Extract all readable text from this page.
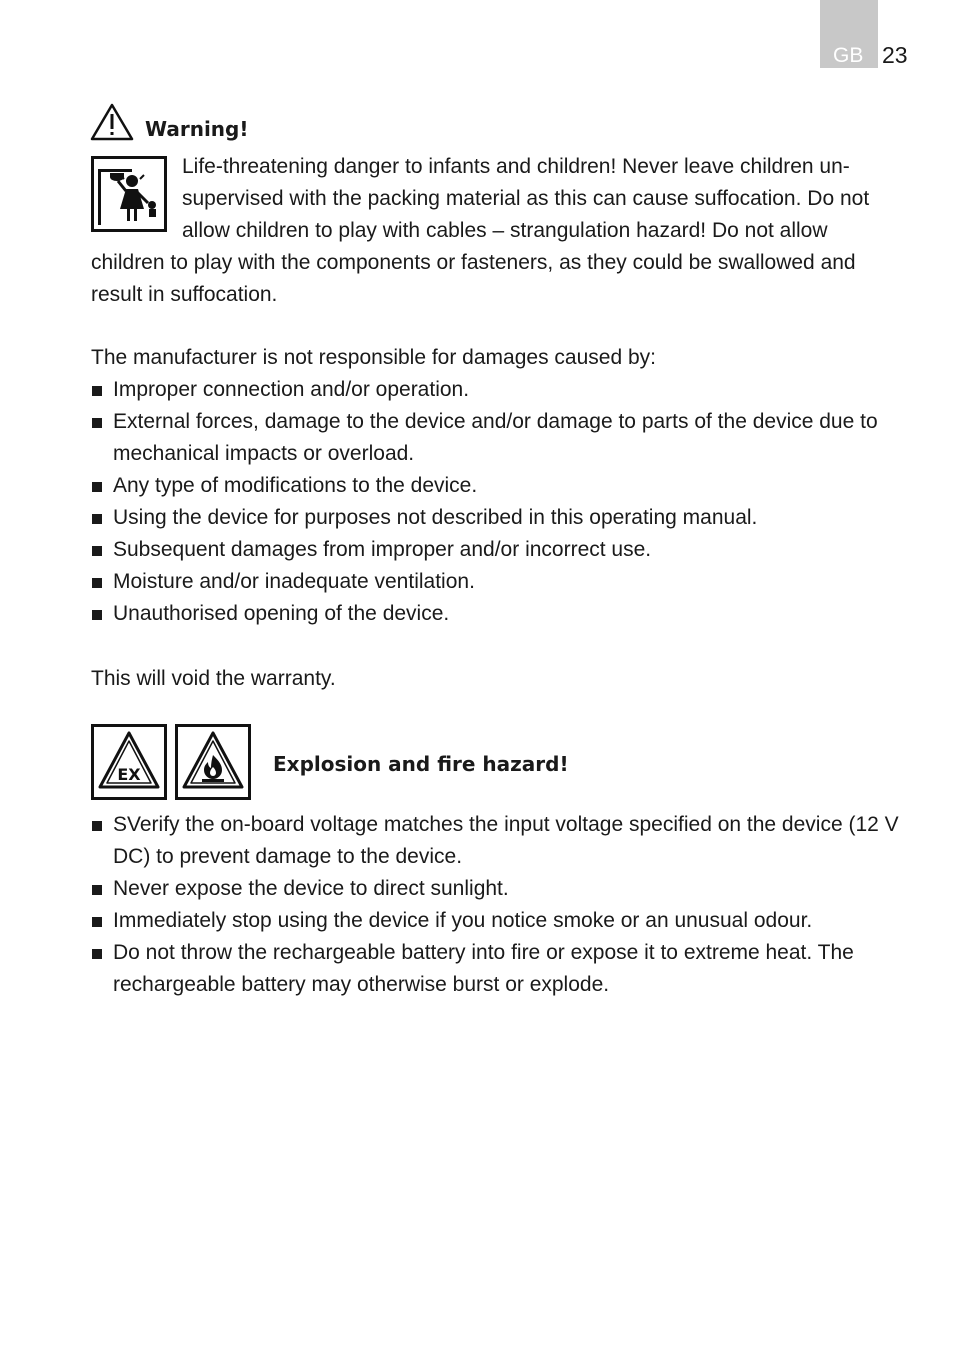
GB 23
Warning!

Life-threatening danger to infants and children! Never leave children un-supervised with the packing material as this can cause suffocation. Do not allow children to play with cables – strangulation hazard! Do not allow children to play with the components or fasteners, as they could be swallowed and result in suffocation.

The manufacturer is not responsible for damages caused by:

Improper connection and/or operation.
External forces, damage to the device and/or damage to parts of the device due to mechanical impacts or overload.
Any type of modifications to the device.
Using the device for purposes not described in this operating manual.
Subsequent damages from improper and/or incorrect use.
Moisture and/or inadequate ventilation.
Unauthorised opening of the device.

This will void the warranty.

EX	Explosion and fire hazard!
SVerify the on-board voltage matches the input voltage specified on the device (12 V DC) to prevent damage to the device.
Never expose the device to direct sunlight.
Immediately stop using the device if you notice smoke or an unusual odour.
Do not throw the rechargeable battery into fire or expose it to extreme heat. The rechargeable battery may otherwise burst or explode.
